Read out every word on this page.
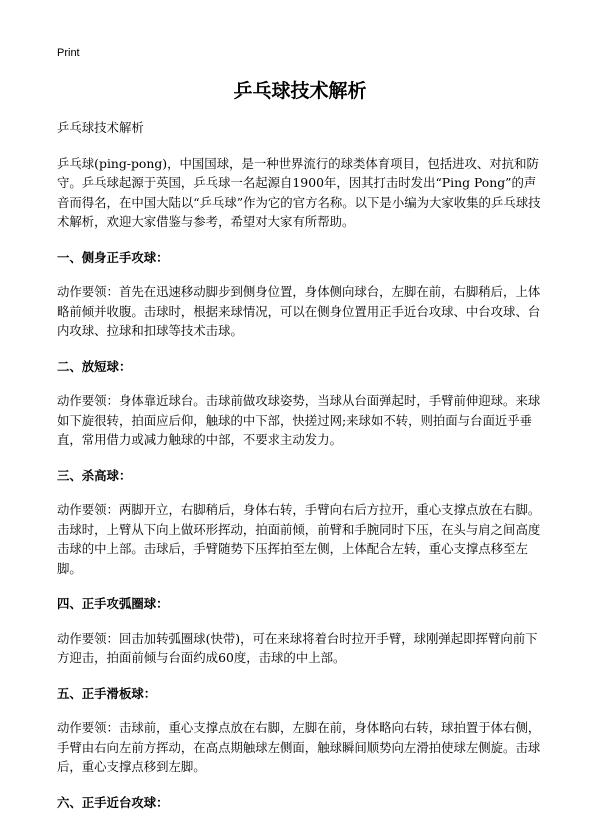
Print
乒乓球技术解析

乒乓球技术解析

乒乓球(ping-pong)，中国国球，是一种世界流行的球类体育项目，包括进攻、对抗和防守。乒乓球起源于英国，乒乓球一名起源自1900年，因其打击时发出“Ping Pong”的声音而得名，在中国大陆以“乒乓球”作为它的官方名称。以下是小编为大家收集的乒乓球技术解析，欢迎大家借鉴与参考，希望对大家有所帮助。

一、侧身正手攻球：

动作要领：首先在迅速移动脚步到侧身位置，身体侧向球台，左脚在前，右脚稍后，上体略前倾并收腹。击球时，根据来球情况，可以在侧身位置用正手近台攻球、中台攻球、台内攻球、拉球和扣球等技术击球。

二、放短球：

动作要领：身体靠近球台。击球前做攻球姿势，当球从台面弹起时，手臂前伸迎球。来球如下旋很转，拍面应后仰，触球的中下部，快搓过网;来球如不转，则拍面与台面近乎垂直，常用借力或减力触球的中部，不要求主动发力。

三、杀高球：

动作要领：两脚开立，右脚稍后，身体右转，手臂向右后方拉开，重心支撑点放在右脚。击球时，上臂从下向上做环形挥动，拍面前倾，前臂和手腕同时下压，在头与肩之间高度击球的中上部。击球后，手臂随势下压挥拍至左侧，上体配合左转，重心支撑点移至左脚。

四、正手攻弧圈球：

动作要领：回击加转弧圈球(快带)，可在来球将着台时拉开手臂，球刚弹起即挥臂向前下方迎击，拍面前倾与台面约成60度，击球的中上部。

五、正手滑板球：

动作要领：击球前，重心支撑点放在右脚，左脚在前，身体略向右转，球拍置于体右侧，手臂由右向左前方挥动，在高点期触球左侧面，触球瞬间顺势向左滑拍使球左侧旋。击球后，重心支撑点移到左脚。

六、正手近台攻球：
